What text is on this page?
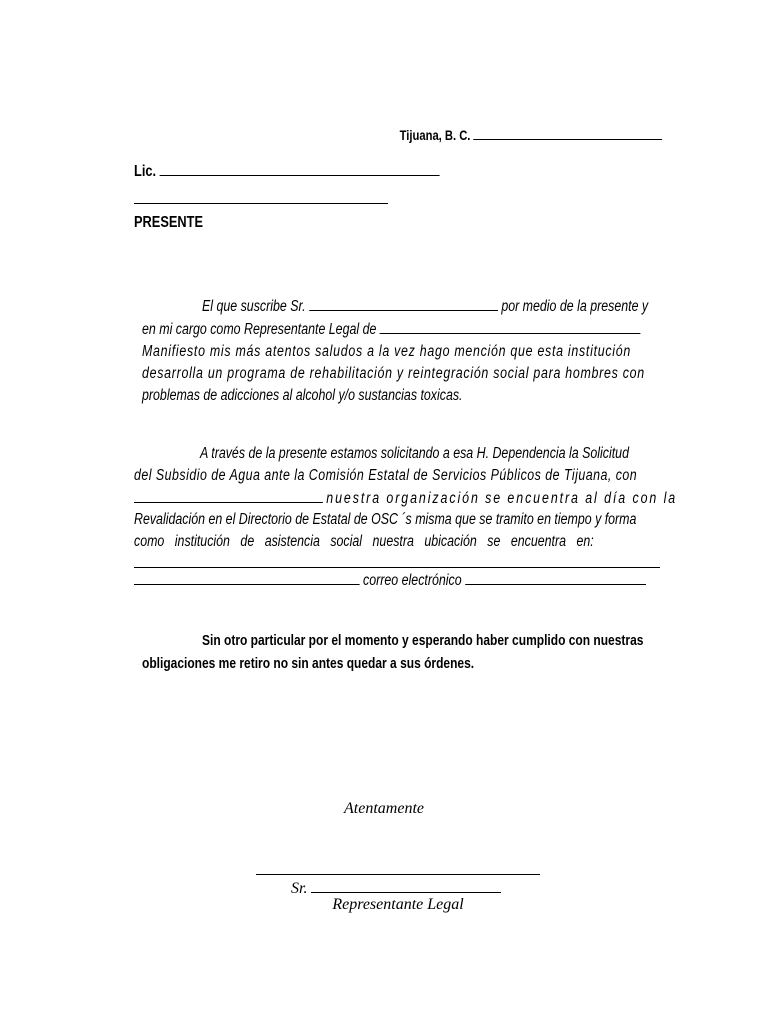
Tijuana, B. C.
Lic.
PRESENTE
El que suscribe Sr.	por medio de la presente y
en mi cargo como Representante Legal de
Manifiesto mis más atentos saludos a la vez hago mención que esta institución
desarrolla un programa de rehabilitación y reintegración social para hombres con
problemas de adicciones al alcohol y/o sustancias toxicas.
A través de la presente estamos solicitando a esa H. Dependencia la Solicitud
del Subsidio de Agua ante la Comisión Estatal de Servicios Públicos de Tijuana, con
nuestra organización se encuentra al día con la
Revalidación en el Directorio de Estatal de OSC ´s misma que se tramito en tiempo y forma
como institución de asistencia social nuestra ubicación se encuentra en:
correo electrónico
Sin otro particular por el momento y esperando haber cumplido con nuestras
obligaciones me retiro no sin antes quedar a sus órdenes.
Atentamente
Sr.
Representante Legal
